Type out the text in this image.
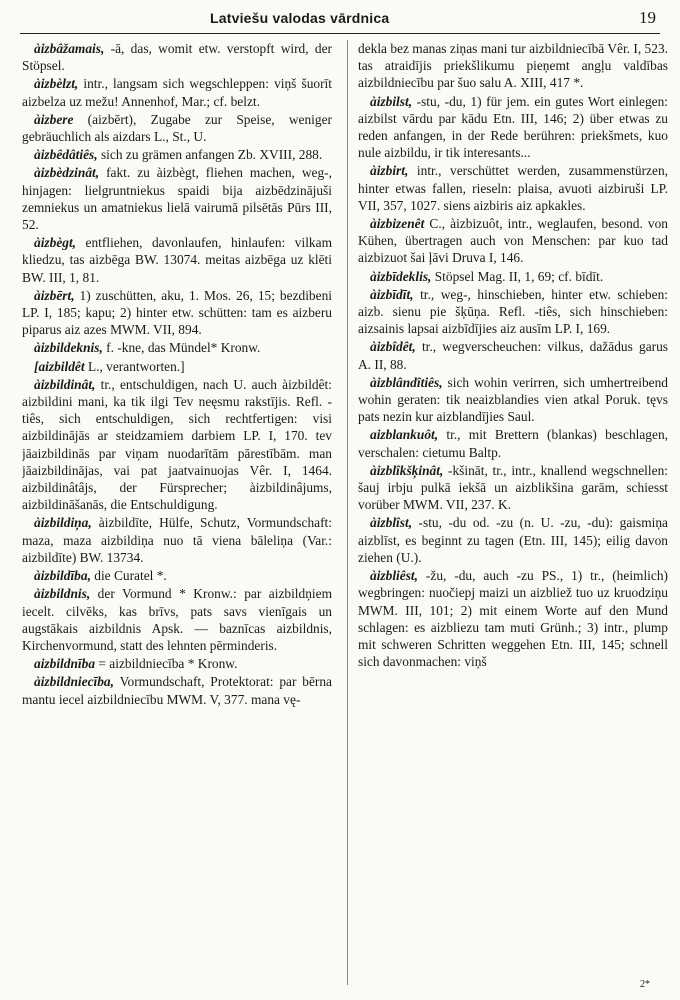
Latviešu valodas vārdnica	19

àizbâžamais, -ā, das, womit etw. verstopft wird, der Stöpsel.

àizbèlzt, intr., langsam sich wegschleppen: viņš šuorīt aizbelza uz mežu! Annenhof, Mar.; cf. belzt.

àizbere (aizbērt), Zugabe zur Speise, weniger gebräuchlich als aizdars L., St., U.

àizbêdâtiês, sich zu grämen anfangen Zb. XVIII, 288.

àizbèdzinât, fakt. zu àizbègt, fliehen machen, weg-, hinjagen: lielgruntniekus spaidi bija aizbēdzinājuši zemniekus un amatniekus lielā vairumā pilsētās Pūrs III, 52.

àizbègt, entfliehen, davonlaufen, hinlaufen: vilkam kliedzu, tas aizbēga BW. 13074. meitas aizbēga uz klēti BW. III, 1, 81.

àizbērt, 1) zuschütten, aku, 1. Mos. 26, 15; bezdibeni LP. I, 185; kapu; 2) hinter etw. schütten: tam es aizberu piparus aiz azes MWM. VII, 894.

àizbildeknis, f. -kne, das Mündel* Kronw.

[aizbildêt L., verantworten.]

àizbildinât, tr., entschuldigen, nach U. auch àizbildêt: aizbildini mani, ka tik ilgi Tev neęsmu rakstījis. Refl. -tiês, sich entschuldigen, sich rechtfertigen: visi aizbildinājās ar steidzamiem darbiem LP. I, 170. tev jāaizbildinās par viņam nuodarītām pārestībām. man jāaizbildinājas, vai pat jaatvainuojas Vêr. I, 1464. aizbildinâtâjs, der Fürsprecher; àizbildinâjums, aizbildināšanās, die Entschuldigung.

àizbildiņa, àizbildīte, Hülfe, Schutz, Vormundschaft: maza, maza aizbildiņa nuo tā viena bāleliņa (Var.: aizbildīte) BW. 13734.

àizbildība, die Curatel *.

àizbildnis, der Vormund * Kronw.: par aizbildņiem iecelt. cilvēks, kas brīvs, pats savs vienīgais un augstākais aizbildnis Apsk. — baznīcas aizbildnis, Kirchenvormund, statt des lehnten pērminderis.

aizbildnība = aizbildniecība * Kronw.

àizbildniecība, Vormundschaft, Protektorat: par bērna mantu iecel aizbildniecību MWM. V, 377. mana vę-

dekla bez manas ziņas mani tur aizbildniecībā Vêr. I, 523. tas atraidījis priekšlikumu pieņemt angļu valdības aizbildniecību par šuo salu A. XIII, 417 *.

àizbilst, -stu, -du, 1) für jem. ein gutes Wort einlegen: aizbilst vārdu par kādu Etn. III, 146; 2) über etwas zu reden anfangen, in der Rede berühren: priekšmets, kuo nule aizbildu, ir tik interesants...

àizbirt, intr., verschüttet werden, zusammenstürzen, hinter etwas fallen, rieseln: plaisa, avuoti aizbiruši LP. VII, 357, 1027. siens aizbiris aiz apkakles.

àizbizenêt C., àizbizuôt, intr., weglaufen, besond. von Kühen, übertragen auch von Menschen: par kuo tad aizbizuot šai ļāvi Druva I, 146.

àizbīdeklis, Stöpsel Mag. II, 1, 69; cf. bīdīt.

àizbīdīt, tr., weg-, hinschieben, hinter etw. schieben: aizb. sienu pie šķūņa. Refl. -tiês, sich hinschieben: aizsainis lapsai aizbīdījies aiz ausīm LP. I, 169.

àizbîdêt, tr., wegverscheuchen: vilkus, dažādus garus A. II, 88.

àizblândîtiês, sich wohin verirren, sich umhertreibend wohin geraten: tik neaizblandies vien atkal Poruk. tęvs pats nezin kur aizblandījies Saul.

aizblankuôt, tr., mit Brettern (blankas) beschlagen, verschalen: cietumu Baltp.

àizblîkšķinât, -kšināt, tr., intr., knallend wegschnellen: šauj irbju pulkā iekšā un aizblikšina garām, schiesst vorüber MWM. VII, 237. K.

àizblîst, -stu, -du od. -zu (n. U. -zu, -du): gaismiņa aizblīst, es beginnt zu tagen (Etn. III, 145); eilig davon ziehen (U.).

àizbliêst, -žu, -du, auch -zu PS., 1) tr., (heimlich) wegbringen: nuočiepj maizi un aizbliež tuo uz kruodziņu MWM. III, 101; 2) mit einem Worte auf den Mund schlagen: es aizbliezu tam muti Grünh.; 3) intr., plump mit schweren Schritten weggehen Etn. III, 145; schnell sich davonmachen: viņš

2*
